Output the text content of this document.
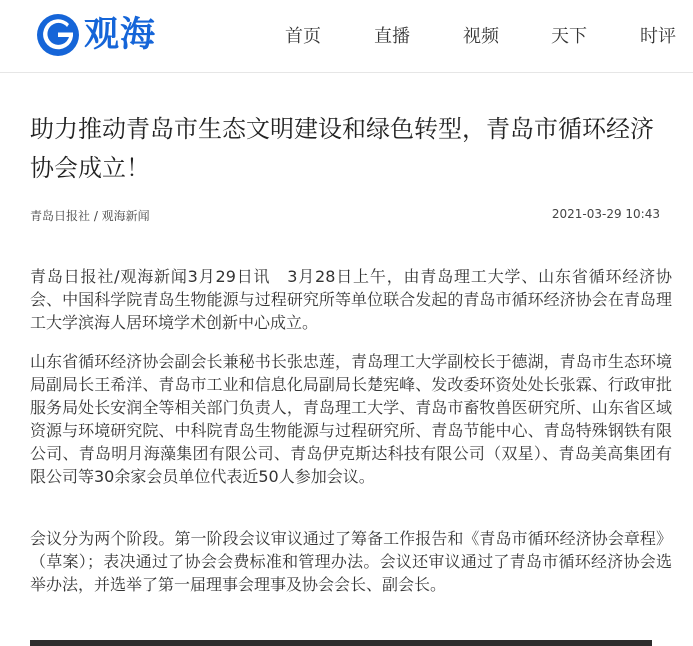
观海	首页	直播	视频	天下	时评
助力推动青岛市生态文明建设和绿色转型，青岛市循环经济协会成立！
青岛日报社 / 观海新闻	2021-03-29 10:43

青岛日报社/观海新闻3月29日讯　3月28日上午，由青岛理工大学、山东省循环经济协会、中国科学院青岛生物能源与过程研究所等单位联合发起的青岛市循环经济协会在青岛理工大学滨海人居环境学术创新中心成立。

山东省循环经济协会副会长兼秘书长张忠莲，青岛理工大学副校长于德湖，青岛市生态环境局副局长王希洋、青岛市工业和信息化局副局长楚宪峰、发改委环资处处长张霖、行政审批服务局处长安润全等相关部门负责人，青岛理工大学、青岛市畜牧兽医研究所、山东省区域资源与环境研究院、中科院青岛生物能源与过程研究所、青岛节能中心、青岛特殊钢铁有限公司、青岛明月海藻集团有限公司、青岛伊克斯达科技有限公司（双星）、青岛美高集团有限公司等30余家会员单位代表近50人参加会议。

会议分为两个阶段。第一阶段会议审议通过了筹备工作报告和《青岛市循环经济协会章程》（草案）；表决通过了协会会费标准和管理办法。会议还审议通过了青岛市循环经济协会选举办法，并选举了第一届理事会理事及协会会长、副会长。
